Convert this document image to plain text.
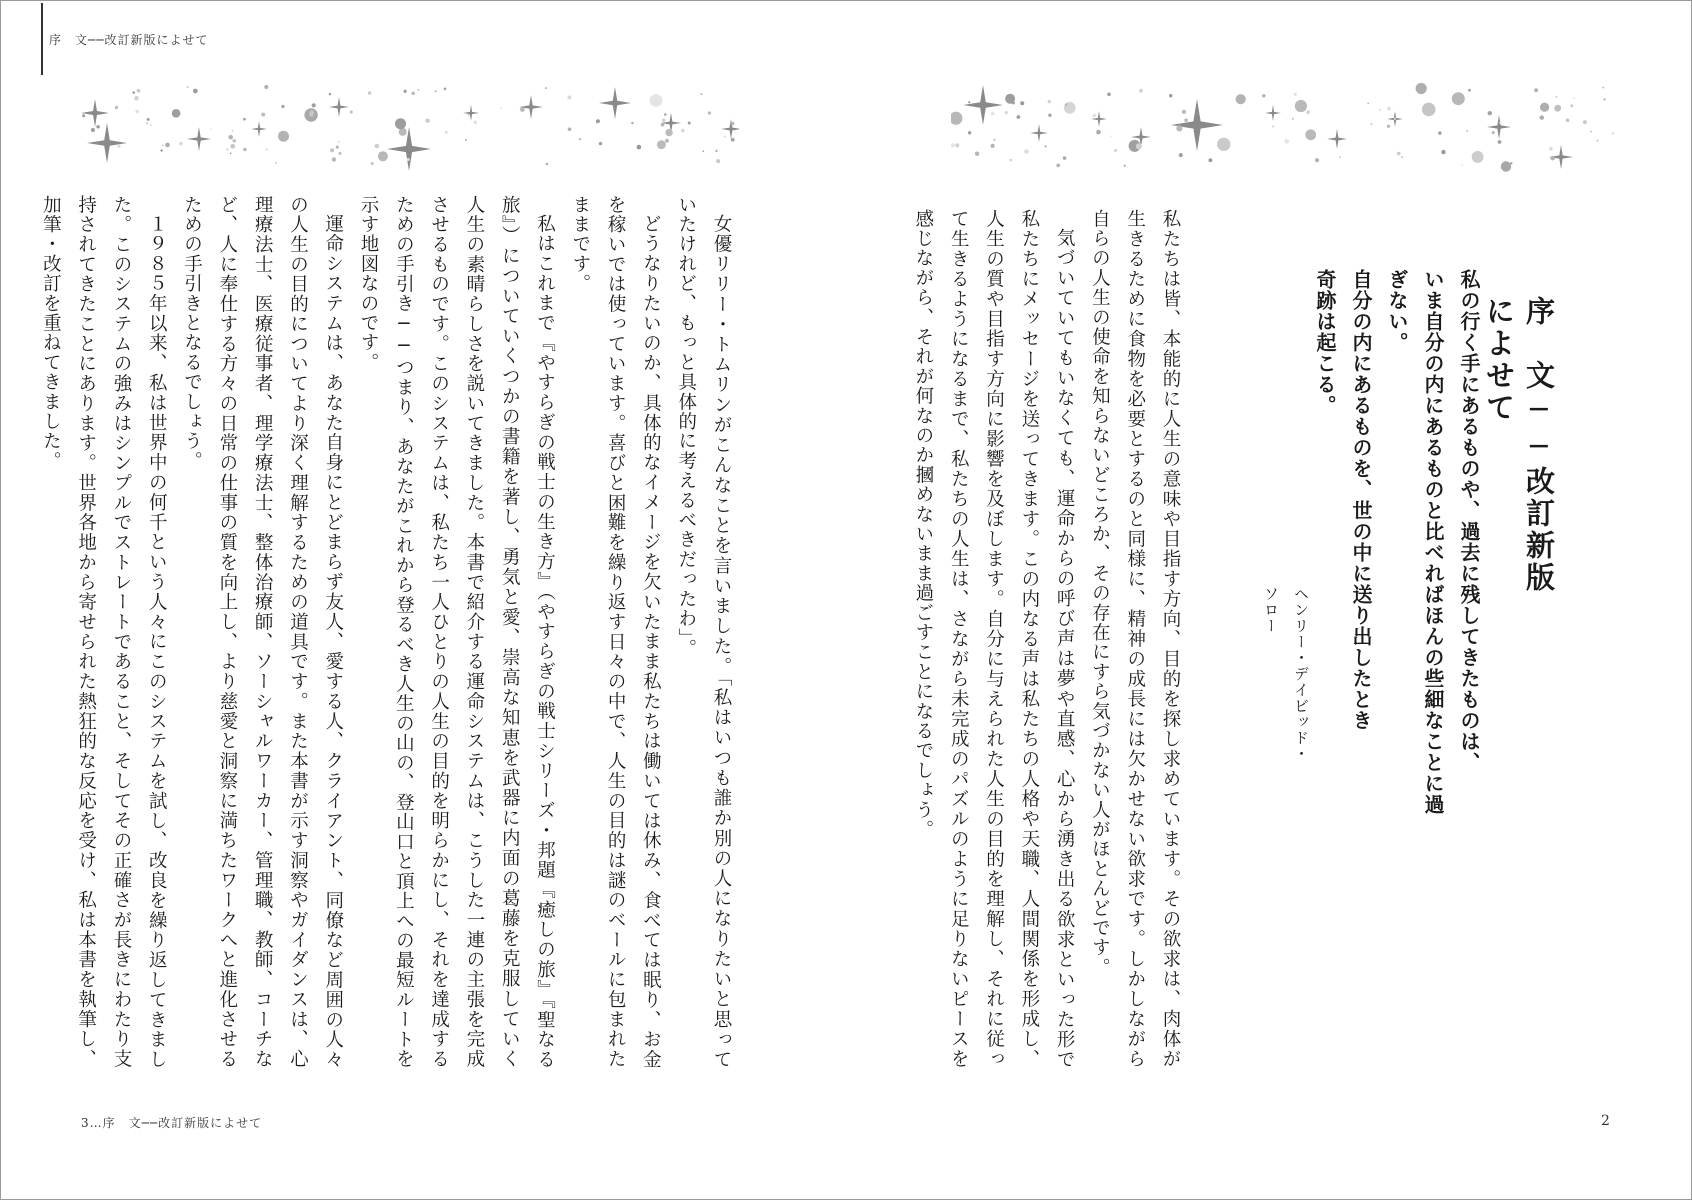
序　文──改訂新版によせて
序　文──改訂新版によせて
私の行く手にあるものや、過去に残してきたものは、
いま自分の内にあるものと比べればほんの些細なことに過ぎない。
自分の内にあるものを、世の中に送り出したとき
奇跡は起こる。
ヘンリー・デイビッド・ソロー
私たちは皆、本能的に人生の意味や目指す方向、目的を探し求めています。その欲求は、肉体が生きるために食物を必要とするのと同様に、精神の成長には欠かせない欲求です。しかしながら自らの人生の使命を知らないどころか、その存在にすら気づかない人がほとんどです。
気づいていてもいなくても、運命からの呼び声は夢や直感、心から湧き出る欲求といった形で私たちにメッセージを送ってきます。この内なる声は私たちの人格や天職、人間関係を形成し、人生の質や目指す方向に影響を及ぼします。自分に与えられた人生の目的を理解し、それに従って生きるようになるまで、私たちの人生は、さながら未完成のパズルのように足りないピースを感じながら、それが何なのか摑めないまま過ごすことになるでしょう。
女優リリー・トムリンがこんなことを言いました。「私はいつも誰か別の人になりたいと思っていたけれど、もっと具体的に考えるべきだったわ」。
どうなりたいのか、具体的なイメージを欠いたまま私たちは働いては休み、食べては眠り、お金を稼いでは使っています。喜びと困難を繰り返す日々の中で、人生の目的は謎のベールに包まれたままです。
私はこれまで『やすらぎの戦士の生き方』（やすらぎの戦士シリーズ・邦題『癒しの旅』『聖なる旅』）についていくつかの書籍を著し、勇気と愛、崇高な知恵を武器に内面の葛藤を克服していく人生の素晴らしさを説いてきました。本書で紹介する運命システムは、こうした一連の主張を完成させるものです。このシステムは、私たち一人ひとりの人生の目的を明らかにし、それを達成するための手引き──つまり、あなたがこれから登るべき人生の山の、登山口と頂上への最短ルートを示す地図なのです。
運命システムは、あなた自身にとどまらず友人、愛する人、クライアント、同僚など周囲の人々の人生の目的についてより深く理解するための道具です。また本書が示す洞察やガイダンスは、心理療法士、医療従事者、理学療法士、整体治療師、ソーシャルワーカー、管理職、教師、コーチなど、人に奉仕する方々の日常の仕事の質を向上し、より慈愛と洞察に満ちたワークへと進化させるための手引きとなるでしょう。
１９８５年以来、私は世界中の何千という人々にこのシステムを試し、改良を繰り返してきました。このシステムの強みはシンプルでストレートであること、そしてその正確さが長きにわたり支持されてきたことにあります。世界各地から寄せられた熱狂的な反応を受け、私は本書を執筆し、加筆・改訂を重ねてきました。
3…序　文──改訂新版によせて	2
